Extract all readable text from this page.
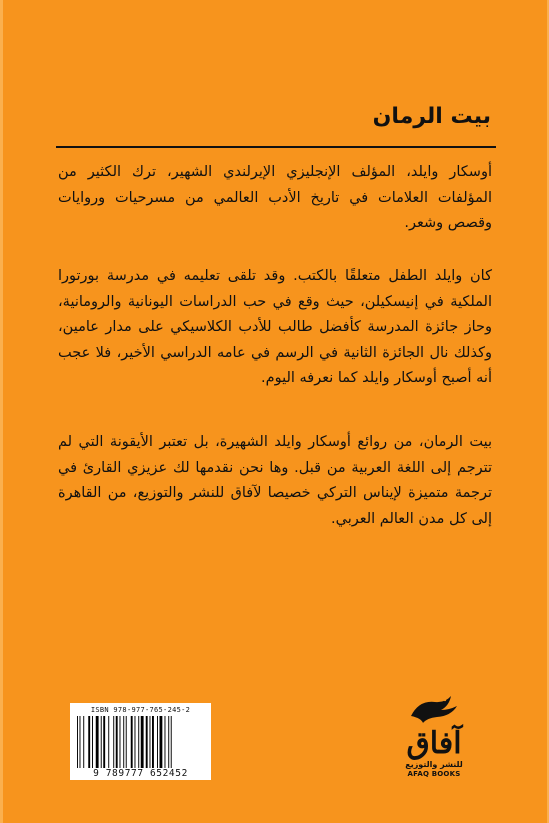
بيت الرمان

أوسكار وايلد، المؤلف الإنجليزي الإيرلندي الشهير، ترك الكثير من المؤلفات العلامات في تاريخ الأدب العالمي من مسرحيات وروايات وقصص وشعر.

كان وايلد الطفل متعلقًا بالكتب. وقد تلقى تعليمه في مدرسة بورتورا الملكية في إنيسكيلن، حيث وقع في حب الدراسات اليونانية والرومانية، وحاز جائزة المدرسة كأفضل طالب للأدب الكلاسيكي على مدار عامين، وكذلك نال الجائزة الثانية في الرسم في عامه الدراسي الأخير، فلا عجب أنه أصبح أوسكار وايلد كما نعرفه اليوم.

بيت الرمان، من روائع أوسكار وايلد الشهيرة، بل تعتبر الأيقونة التي لم تترجم إلى اللغة العربية من قبل. وها نحن نقدمها لك عزيزي القارئ في ترجمة متميزة لإيناس التركي خصيصا لآفاق للنشر والتوزيع، من القاهرة إلى كل مدن العالم العربي.

ISBN 978-977-765-245-2
9 789777 652452
آفاق
للنشر والتوزيع
AFAQ BOOKS
